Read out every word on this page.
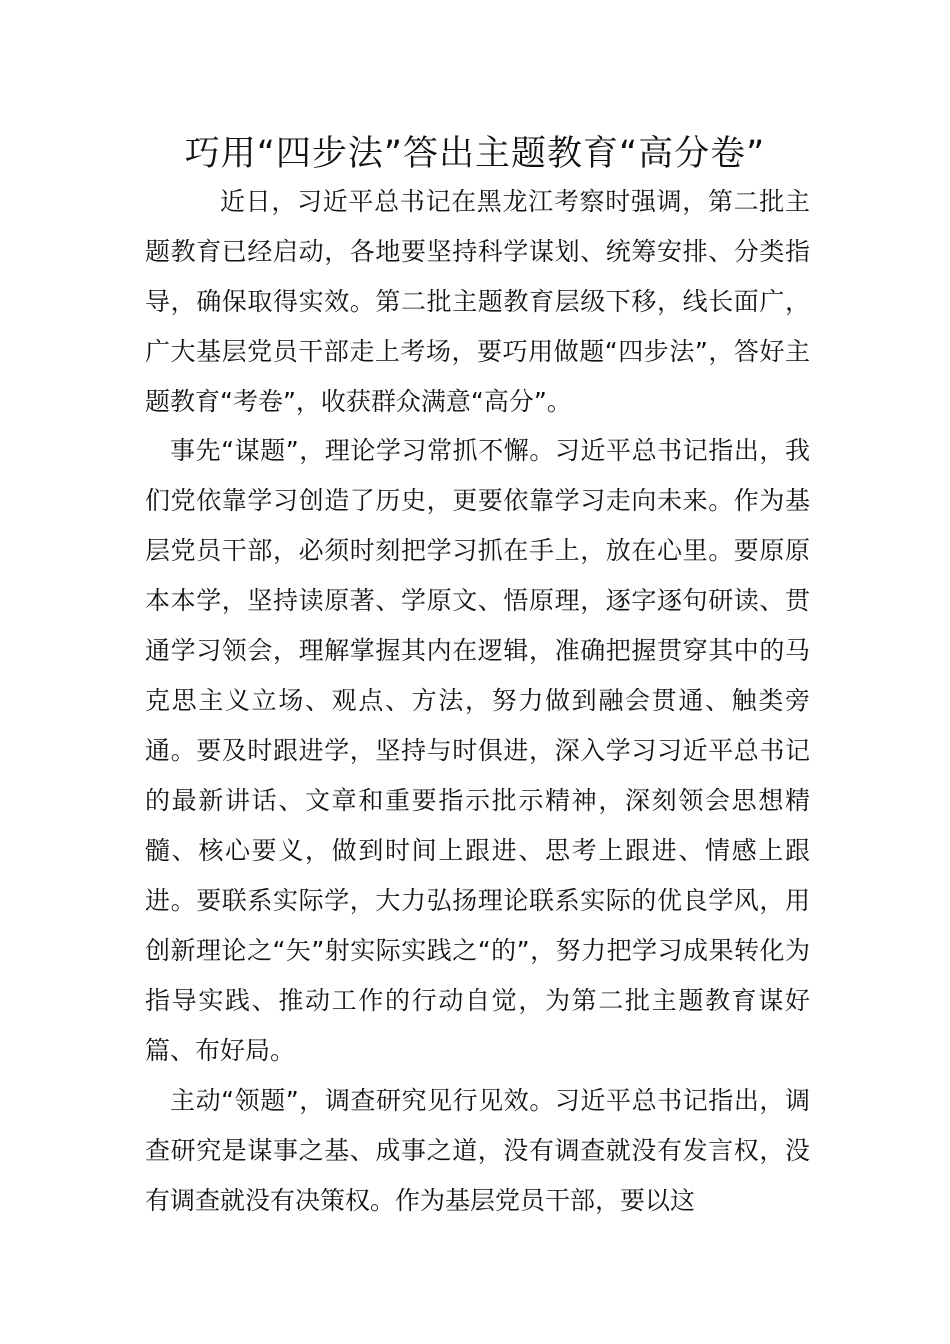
巧用“四步法”答出主题教育“高分卷”

近日，习近平总书记在黑龙江考察时强调，第二批主题教育已经启动，各地要坚持科学谋划、统筹安排、分类指导，确保取得实效。第二批主题教育层级下移，线长面广，广大基层党员干部走上考场，要巧用做题“四步法”，答好主题教育“考卷”，收获群众满意“高分”。

事先“谋题”，理论学习常抓不懈。习近平总书记指出，我们党依靠学习创造了历史，更要依靠学习走向未来。作为基层党员干部，必须时刻把学习抓在手上，放在心里。要原原本本学，坚持读原著、学原文、悟原理，逐字逐句研读、贯通学习领会，理解掌握其内在逻辑，准确把握贯穿其中的马克思主义立场、观点、方法，努力做到融会贯通、触类旁通。要及时跟进学，坚持与时俱进，深入学习习近平总书记的最新讲话、文章和重要指示批示精神，深刻领会思想精髓、核心要义，做到时间上跟进、思考上跟进、情感上跟进。要联系实际学，大力弘扬理论联系实际的优良学风，用创新理论之“矢”射实际实践之“的”，努力把学习成果转化为指导实践、推动工作的行动自觉，为第二批主题教育谋好篇、布好局。

主动“领题”，调查研究见行见效。习近平总书记指出，调查研究是谋事之基、成事之道，没有调查就没有发言权，没有调查就没有决策权。作为基层党员干部，要以这
